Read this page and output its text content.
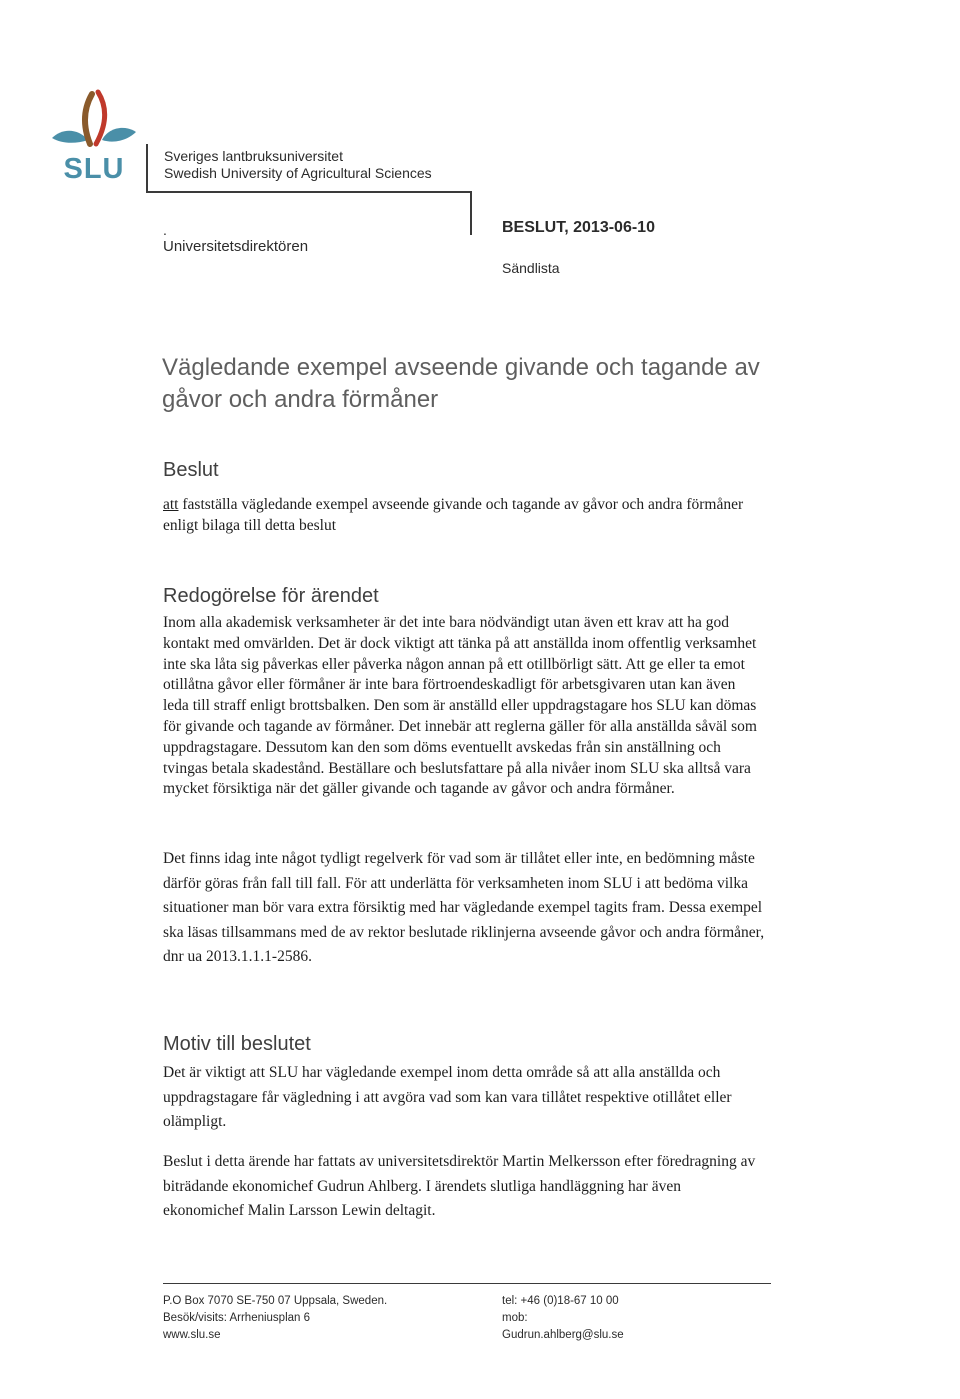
SLU	Sveriges lantbruksuniversitet
Swedish University of Agricultural Sciences
.
Universitetsdirektören
BESLUT, 2013-06-10
Sändlista
Vägledande exempel avseende givande och tagande av gåvor och andra förmåner
Beslut

att fastställa vägledande exempel avseende givande och tagande av gåvor och andra förmåner enligt bilaga till detta beslut

Redogörelse för ärendet

Inom alla akademisk verksamheter är det inte bara nödvändigt utan även ett krav att ha god kontakt med omvärlden. Det är dock viktigt att tänka på att anställda inom offentlig verksamhet inte ska låta sig påverkas eller påverka någon annan på ett otillbörligt sätt. Att ge eller ta emot otillåtna gåvor eller förmåner är inte bara förtroendeskadligt för arbetsgivaren utan kan även leda till straff enligt brottsbalken. Den som är anställd eller uppdragstagare hos SLU kan dömas för givande och tagande av förmåner. Det innebär att reglerna gäller för alla anställda såväl som uppdragstagare. Dessutom kan den som döms eventuellt avskedas från sin anställning och tvingas betala skadestånd. Beställare och beslutsfattare på alla nivåer inom SLU ska alltså vara mycket försiktiga när det gäller givande och tagande av gåvor och andra förmåner.

Det finns idag inte något tydligt regelverk för vad som är tillåtet eller inte, en bedömning måste därför göras från fall till fall. För att underlätta för verksamheten inom SLU i att bedöma vilka situationer man bör vara extra försiktig med har vägledande exempel tagits fram. Dessa exempel ska läsas tillsammans med de av rektor beslutade riklinjerna avseende gåvor och andra förmåner, dnr ua 2013.1.1.1-2586.

Motiv till beslutet

Det är viktigt att SLU har vägledande exempel inom detta område så att alla anställda och uppdragstagare får vägledning i att avgöra vad som kan vara tillåtet respektive otillåtet eller olämpligt.

Beslut i detta ärende har fattats av universitetsdirektör Martin Melkersson efter föredragning av biträdande ekonomichef Gudrun Ahlberg. I ärendets slutliga handläggning har även ekonomichef Malin Larsson Lewin deltagit.

P.O Box 7070 SE-750 07 Uppsala, Sweden.
Besök/visits: Arrheniusplan 6
www.slu.se
tel: +46 (0)18-67 10 00
mob:
Gudrun.ahlberg@slu.se
